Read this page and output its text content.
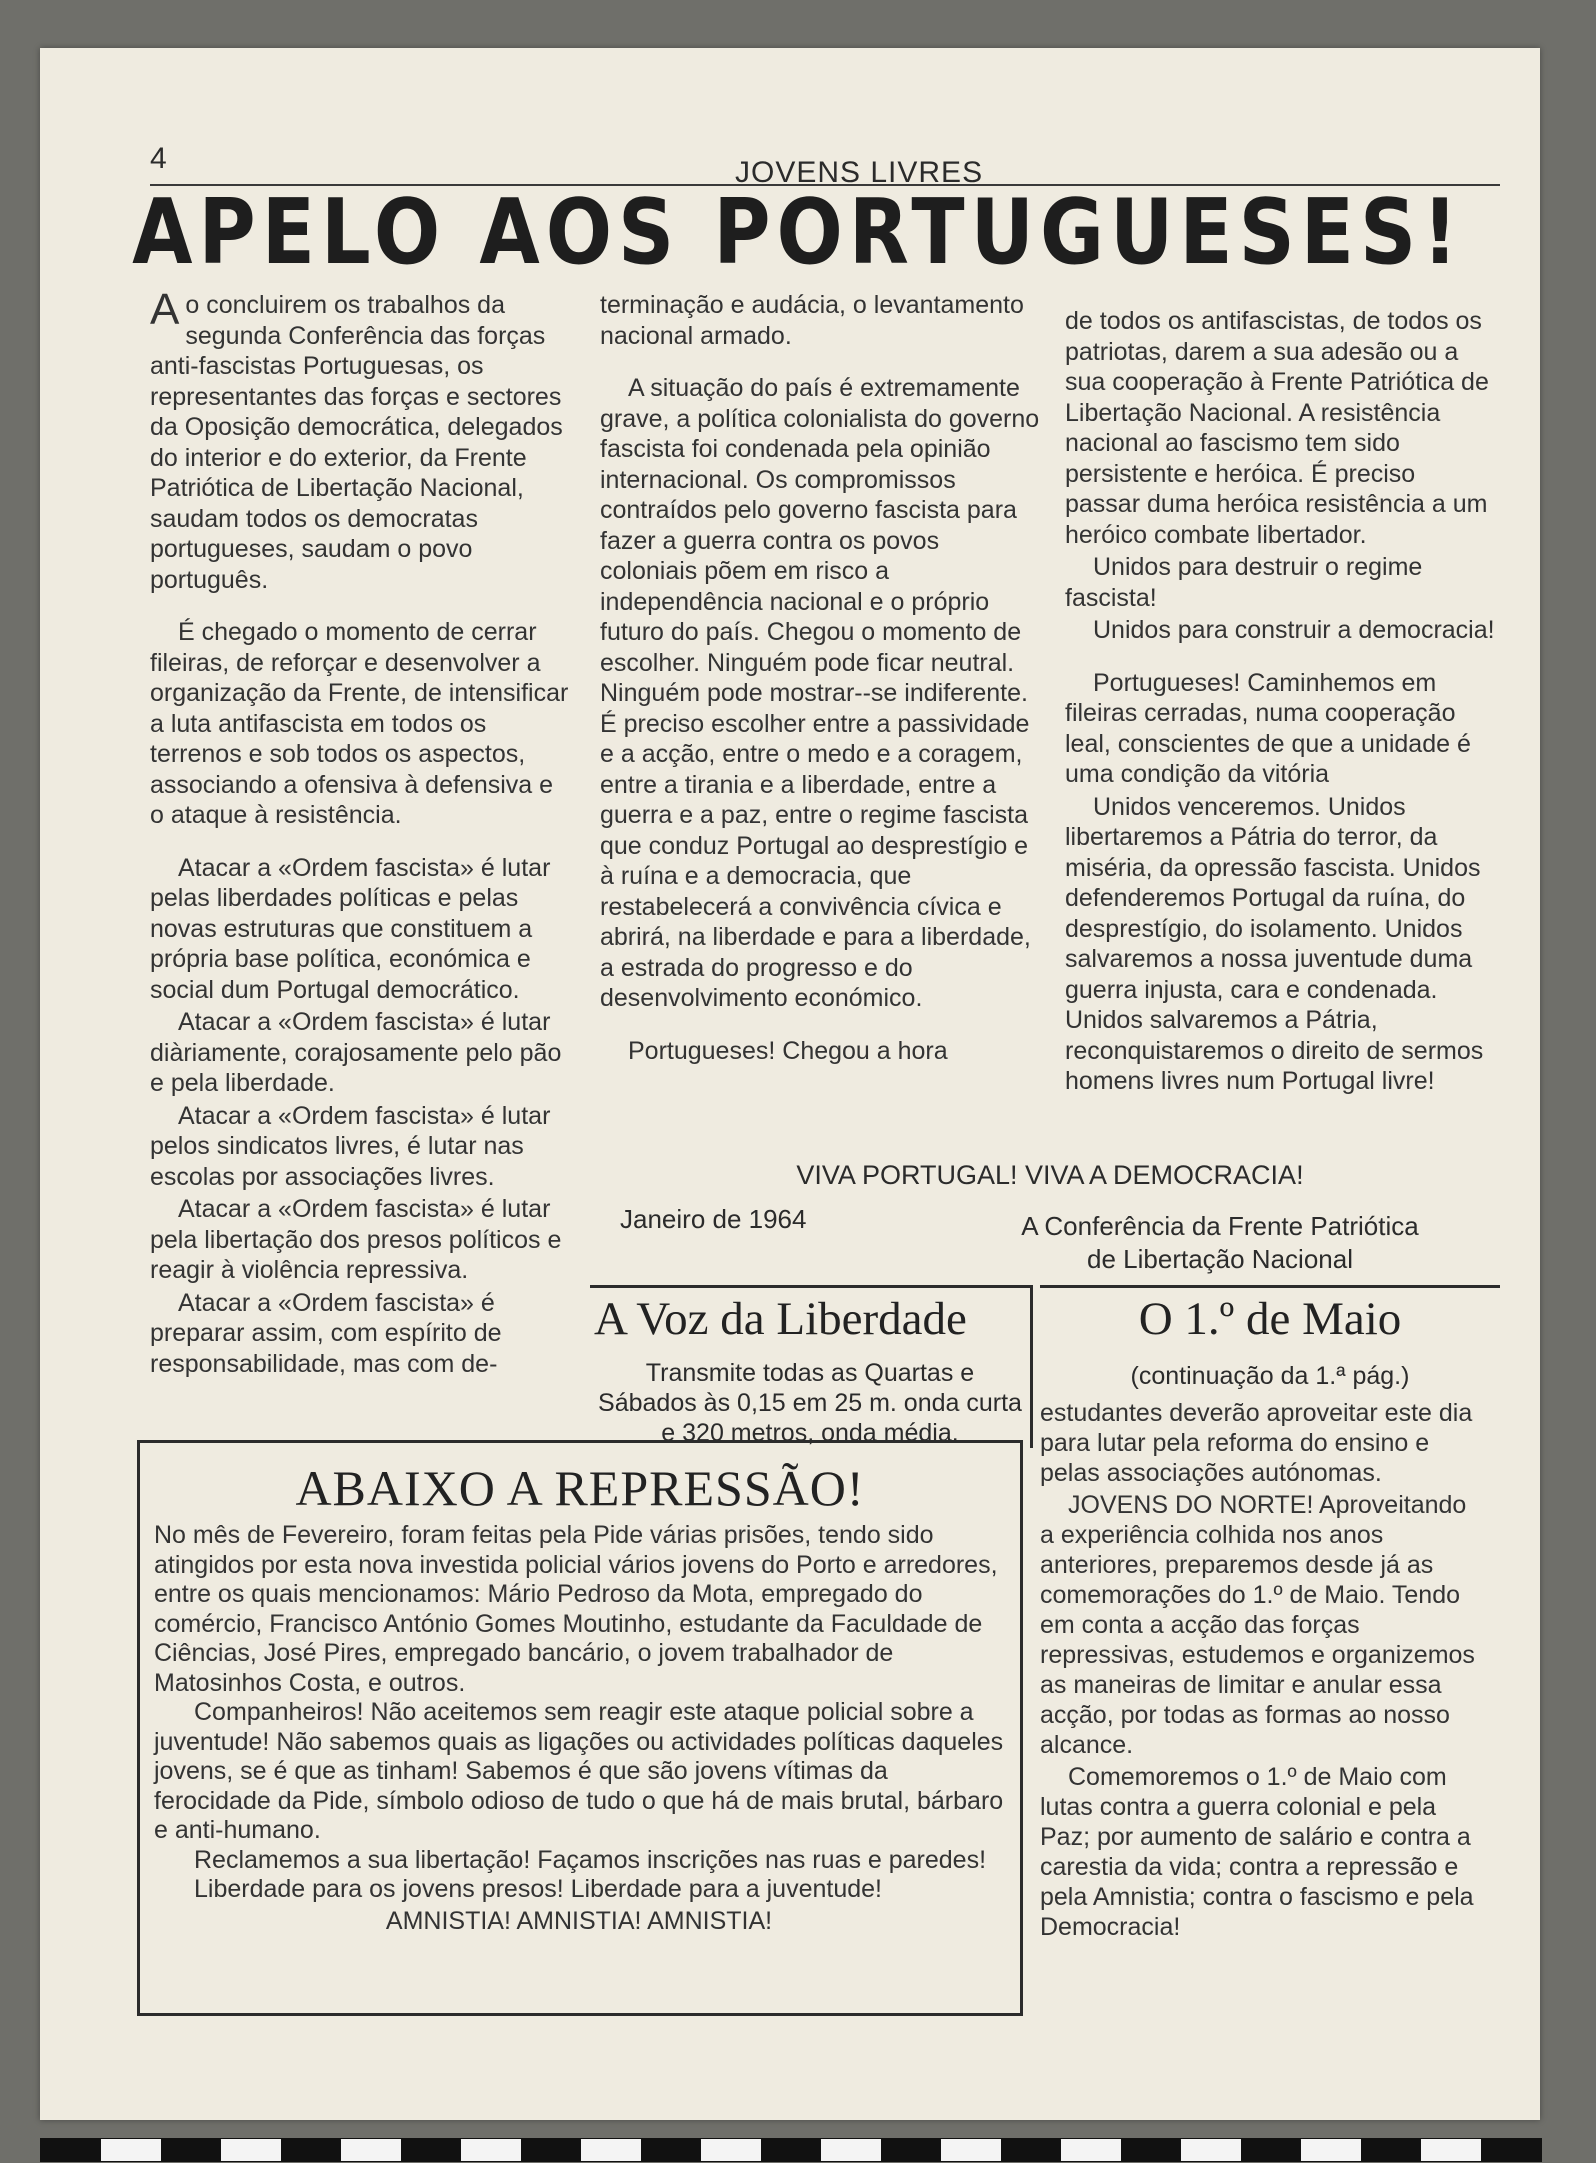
4	JOVENS LIVRES
APELO AOS PORTUGUESES!

Ao concluirem os trabalhos da segunda Conferência das forças anti-fascistas Portuguesas, os representantes das forças e sectores da Oposição democrática, delegados do interior e do exterior, da Frente Patriótica de Libertação Nacional, saudam todos os democratas portugueses, saudam o povo português.

É chegado o momento de cerrar fileiras, de reforçar e desenvolver a organização da Frente, de intensificar a luta antifascista em todos os terrenos e sob todos os aspectos, associando a ofensiva à defensiva e o ataque à resistência.

Atacar a «Ordem fascista» é lutar pelas liberdades políticas e pelas novas estruturas que constituem a própria base política, económica e social dum Portugal democrático.

Atacar a «Ordem fascista» é lutar diàriamente, corajosamente pelo pão e pela liberdade.

Atacar a «Ordem fascista» é lutar pelos sindicatos livres, é lutar nas escolas por associações livres.

Atacar a «Ordem fascista» é lutar pela libertação dos presos políticos e reagir à violência repressiva.

Atacar a «Ordem fascista» é preparar assim, com espírito de responsabilidade, mas com de-

terminação e audácia, o levantamento nacional armado.

A situação do país é extremamente grave, a política colonialista do governo fascista foi condenada pela opinião internacional. Os compromissos contraídos pelo governo fascista para fazer a guerra contra os povos coloniais põem em risco a independência nacional e o próprio futuro do país. Chegou o momento de escolher. Ninguém pode ficar neutral. Ninguém pode mostrar--se indiferente. É preciso escolher entre a passividade e a acção, entre o medo e a coragem, entre a tirania e a liberdade, entre a guerra e a paz, entre o regime fascista que conduz Portugal ao desprestígio e à ruína e a democracia, que restabelecerá a convivência cívica e abrirá, na liberdade e para a liberdade, a estrada do progresso e do desenvolvimento económico.

Portugueses! Chegou a hora

de todos os antifascistas, de todos os patriotas, darem a sua adesão ou a sua cooperação à Frente Patriótica de Libertação Nacional. A resistência nacional ao fascismo tem sido persistente e heróica. É preciso passar duma heróica resistência a um heróico combate libertador.

Unidos para destruir o regime fascista!

Unidos para construir a democracia!

Portugueses! Caminhemos em fileiras cerradas, numa cooperação leal, conscientes de que a unidade é uma condição da vitória

Unidos venceremos. Unidos libertaremos a Pátria do terror, da miséria, da opressão fascista. Unidos defenderemos Portugal da ruína, do desprestígio, do isolamento. Unidos salvaremos a nossa juventude duma guerra injusta, cara e condenada. Unidos salvaremos a Pátria, reconquistaremos o direito de sermos homens livres num Portugal livre!

VIVA PORTUGAL! VIVA A DEMOCRACIA!
Janeiro de 1964	A Conferência da Frente Patriótica
de Libertação Nacional
A Voz da Liberdade
Transmite todas as Quartas e Sábados às 0,15 em 25 m. onda curta e 320 metros, onda média.
O 1.º de Maio
(continuação da 1.ª pág.)

estudantes deverão aproveitar este dia para lutar pela reforma do ensino e pelas associações autónomas.

JOVENS DO NORTE! Aproveitando a experiência colhida nos anos anteriores, preparemos desde já as comemorações do 1.º de Maio. Tendo em conta a acção das forças repressivas, estudemos e organizemos as maneiras de limitar e anular essa acção, por todas as formas ao nosso alcance.

Comemoremos o 1.º de Maio com lutas contra a guerra colonial e pela Paz; por aumento de salário e contra a carestia da vida; contra a repressão e pela Amnistia; contra o fascismo e pela Democracia!

ABAIXO A REPRESSÃO!

No mês de Fevereiro, foram feitas pela Pide várias prisões, tendo sido atingidos por esta nova investida policial vários jovens do Porto e arredores, entre os quais mencionamos: Mário Pedroso da Mota, empregado do comércio, Francisco António Gomes Moutinho, estudante da Faculdade de Ciências, José Pires, empregado bancário, o jovem trabalhador de Matosinhos Costa, e outros.

Companheiros! Não aceitemos sem reagir este ataque policial sobre a juventude! Não sabemos quais as ligações ou actividades políticas daqueles jovens, se é que as tinham! Sabemos é que são jovens vítimas da ferocidade da Pide, símbolo odioso de tudo o que há de mais brutal, bárbaro e anti-humano.

Reclamemos a sua libertação! Façamos inscrições nas ruas e paredes!

Liberdade para os jovens presos! Liberdade para a juventude!

AMNISTIA! AMNISTIA! AMNISTIA!
